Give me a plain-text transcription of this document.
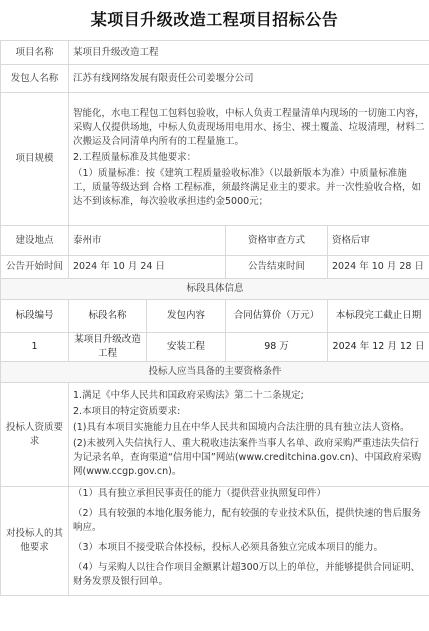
某项目升级改造工程项目招标公告
项目名称	某项目升级改造工程			
发包人名称	江苏有线网络发展有限责任公司姜堰分公司			
项目规模	智能化，水电工程包工包料包验收，中标人负责工程量清单内现场的一切施工内容，采购人仅提供场地，中标人负责现场用电用水、扬尘、裸土覆盖、垃圾清理，材料二次搬运及合同清单内所有的工程量施工。
2.工程质量标准及其他要求：
（1）质量标准：按《建筑工程质量验收标准》（以最新版本为准）中质量标准施工，质量等级达到 合格 工程标准，须最终满足业主的要求。并一次性验收合格，如达不到该标准，每次验收承担违约金5000元；			

建设地点	泰州市		资格审查方式	资格后审
公告开始时间	2024 年 10 月 24 日		公告结束时间	2024 年 10 月 28 日
标段具体信息				
标段编号	标段名称	发包内容	合同估算价（万元）	本标段完工截止日期
1	某项目升级改造工程	安装工程	98 万	2024 年 12 月 12 日
投标人应当具备的主要资格条件				
投标人资质要求	1.满足《中华人民共和国政府采购法》第二十二条规定;
2.本项目的特定资质要求:
(1)具有本项目实施能力且在中华人民共和国境内合法注册的具有独立法人资格。
(2)未被列入失信执行人、重大税收违法案件当事人名单、政府采购严重违法失信行为记录名单，查询渠道“信用中国”网站(www.creditchina.gov.cn)、中国政府采购网(www.ccgp.gov.cn)。			

对投标人的其他要求	（1）具有独立承担民事责任的能力（提供营业执照复印件）
（2）具有较强的本地化服务能力，配有较强的专业技术队伍，提供快速的售后服务响应。
（3）本项目不接受联合体投标，投标人必须具备独立完成本项目的能力。
（4）与采购人以往合作项目金额累计超300万以上的单位，并能够提供合同证明、财务发票及银行回单。			
